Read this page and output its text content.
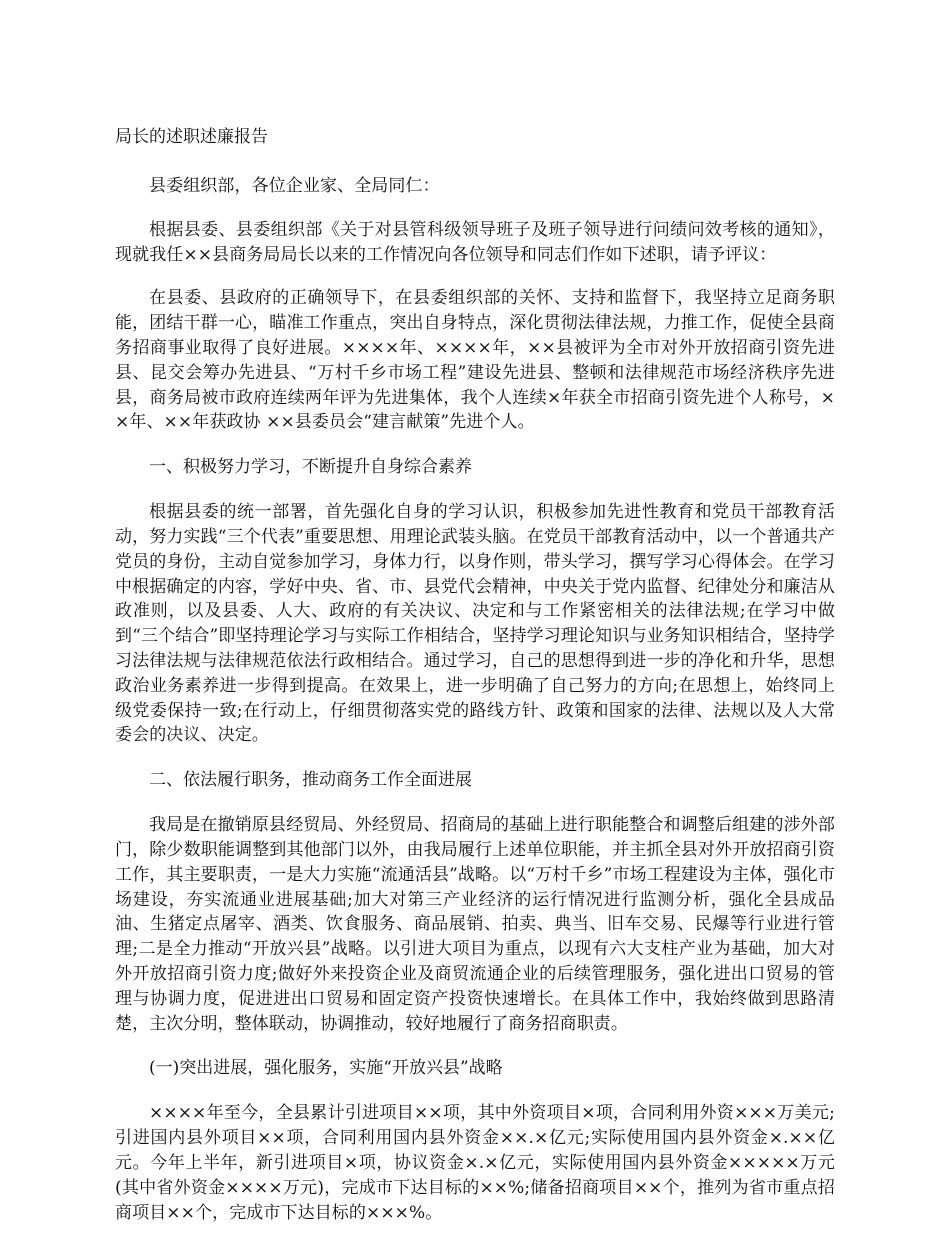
局长的述职述廉报告

县委组织部，各位企业家、全局同仁：

根据县委、县委组织部《关于对县管科级领导班子及班子领导进行问绩问效考核的通知》，现就我任××县商务局局长以来的工作情况向各位领导和同志们作如下述职，请予评议：

在县委、县政府的正确领导下，在县委组织部的关怀、支持和监督下，我坚持立足商务职能，团结干群一心，瞄准工作重点，突出自身特点，深化贯彻法律法规，力推工作，促使全县商务招商事业取得了良好进展。××××年、××××年，××县被评为全市对外开放招商引资先进县、昆交会筹办先进县、“万村千乡市场工程”建设先进县、整顿和法律规范市场经济秩序先进县，商务局被市政府连续两年评为先进集体，我个人连续×年获全市招商引资先进个人称号，××年、××年获政协 ××县委员会“建言献策”先进个人。

一、积极努力学习，不断提升自身综合素养

根据县委的统一部署，首先强化自身的学习认识，积极参加先进性教育和党员干部教育活动，努力实践“三个代表”重要思想、用理论武装头脑。在党员干部教育活动中，以一个普通共产党员的身份，主动自觉参加学习，身体力行，以身作则，带头学习，撰写学习心得体会。在学习中根据确定的内容，学好中央、省、市、县党代会精神，中央关于党内监督、纪律处分和廉洁从政准则，以及县委、人大、政府的有关决议、决定和与工作紧密相关的法律法规;在学习中做到“三个结合”即坚持理论学习与实际工作相结合，坚持学习理论知识与业务知识相结合，坚持学习法律法规与法律规范依法行政相结合。通过学习，自己的思想得到进一步的净化和升华，思想政治业务素养进一步得到提高。在效果上，进一步明确了自己努力的方向;在思想上，始终同上级党委保持一致;在行动上，仔细贯彻落实党的路线方针、政策和国家的法律、法规以及人大常委会的决议、决定。

二、依法履行职务，推动商务工作全面进展

我局是在撤销原县经贸局、外经贸局、招商局的基础上进行职能整合和调整后组建的涉外部门，除少数职能调整到其他部门以外，由我局履行上述单位职能，并主抓全县对外开放招商引资工作，其主要职责，一是大力实施“流通活县”战略。以“万村千乡”市场工程建设为主体，强化市场建设，夯实流通业进展基础;加大对第三产业经济的运行情况进行监测分析，强化全县成品油、生猪定点屠宰、酒类、饮食服务、商品展销、拍卖、典当、旧车交易、民爆等行业进行管理;二是全力推动“开放兴县”战略。以引进大项目为重点，以现有六大支柱产业为基础，加大对外开放招商引资力度;做好外来投资企业及商贸流通企业的后续管理服务，强化进出口贸易的管理与协调力度，促进进出口贸易和固定资产投资快速增长。在具体工作中，我始终做到思路清楚，主次分明，整体联动，协调推动，较好地履行了商务招商职责。

(一)突出进展，强化服务，实施“开放兴县”战略

××××年至今，全县累计引进项目××项，其中外资项目×项，合同利用外资×××万美元;引进国内县外项目××项，合同利用国内县外资金××.×亿元;实际使用国内县外资金×.××亿元。今年上半年，新引进项目×项，协议资金×.×亿元，实际使用国内县外资金×××××万元(其中省外资金××××万元)，完成市下达目标的××%;储备招商项目××个，推列为省市重点招商项目××个，完成市下达目标的×××%。
